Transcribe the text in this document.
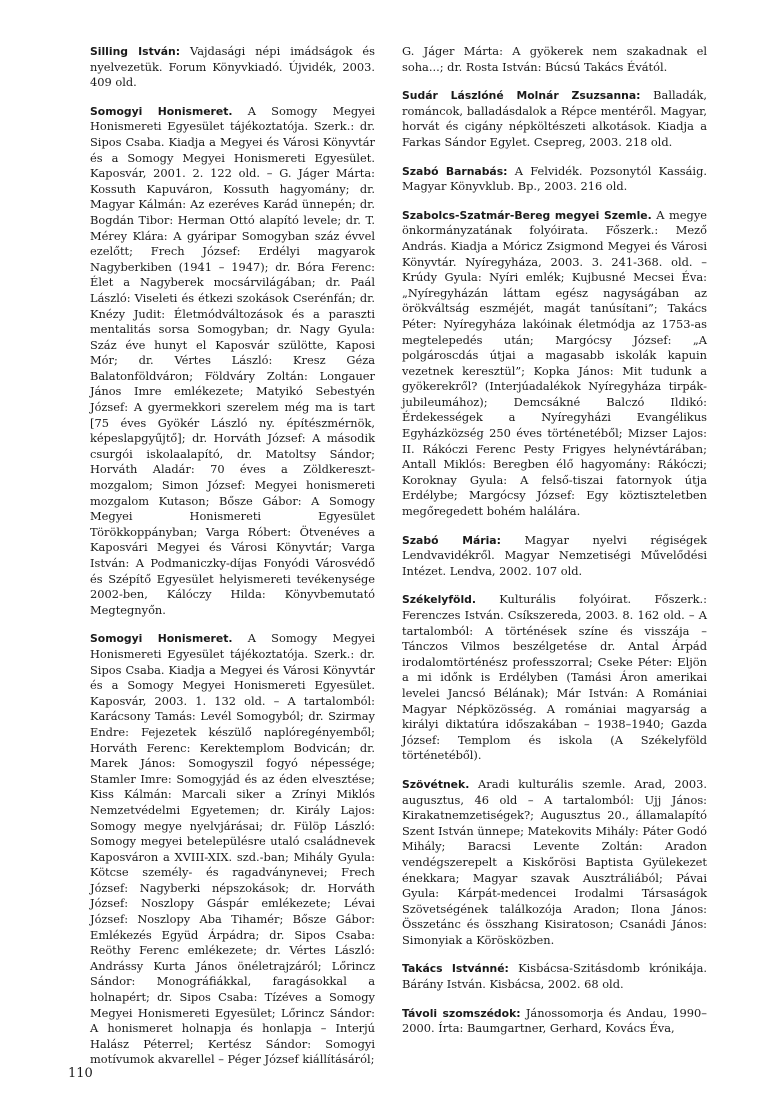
Silling István: Vajdasági népi imádságok és nyelvezetük. Forum Könyvkiadó. Újvidék, 2003. 409 old.

Somogyi Honismeret. A Somogy Megyei Honismereti Egyesület tájékoztatója. Szerk.: dr. Sipos Csaba. Kiadja a Megyei és Városi Könyvtár és a Somogy Megyei Honismereti Egyesület. Kaposvár, 2001. 2. 122 old. – G. Jáger Márta: Kossuth Kapuváron, Kossuth hagyomány; dr. Magyar Kálmán: Az ezeréves Karád ünnepén; dr. Bogdán Tibor: Herman Ottó alapító levele; dr. T. Mérey Klára: A gyáripar Somogyban száz évvel ezelőtt; Frech József: Erdélyi magyarok Nagyberkiben (1941 – 1947); dr. Bóra Ferenc: Élet a Nagyberek mocsárvilágában; dr. Paál László: Viseleti és étkezi szokások Cserénfán; dr. Knézy Judit: Életmódváltozások és a paraszti mentalitás sorsa Somogyban; dr. Nagy Gyula: Száz éve hunyt el Kaposvár szülötte, Kaposi Mór; dr. Vértes László: Kresz Géza Balatonföldváron; Földváry Zoltán: Longauer János Imre emlékezete; Matyikó Sebestyén József: A gyermekkori szerelem még ma is tart [75 éves Gyökér László ny. építészmérnök, képeslapgyűjtő]; dr. Horváth József: A második csurgói iskolaalapító, dr. Matoltsy Sándor; Horváth Aladár: 70 éves a Zöldkereszt-mozgalom; Simon József: Megyei honismereti mozgalom Kutason; Bősze Gábor: A Somogy Megyei Honismereti Egyesület Törökkoppányban; Varga Róbert: Ötvenéves a Kaposvári Megyei és Városi Könyvtár; Varga István: A Podmaniczky-díjas Fonyódi Városvédő és Szépítő Egyesület helyismereti tevékenysége 2002-ben, Kálóczy Hilda: Könyvbemutató Megtegnyőn.

Somogyi Honismeret. A Somogy Megyei Honismereti Egyesület tájékoztatója. Szerk.: dr. Sipos Csaba. Kiadja a Megyei és Városi Könyvtár és a Somogy Megyei Honismereti Egyesület. Kaposvár, 2003. 1. 132 old. – A tartalomból: Karácsony Tamás: Levél Somogyból; dr. Szirmay Endre: Fejezetek készülő naplóregényemből; Horváth Ferenc: Kerektemplom Bodvicán; dr. Marek János: Somogyszil fogyó népessége; Stamler Imre: Somogyjád és az éden elvesztése; Kiss Kálmán: Marcali siker a Zrínyi Miklós Nemzetvédelmi Egyetemen; dr. Király Lajos: Somogy megye nyelvjárásai; dr. Fülöp László: Somogy megyei betelepülésre utaló családnevek Kaposváron a XVIII-XIX. szd.-ban; Mihály Gyula: Kötcse személy- és ragadványnevei; Frech József: Nagyberki népszokások; dr. Horváth József: Noszlopy Gáspár emlékezete; Lévai József: Noszlopy Aba Tihamér; Bősze Gábor: Emlékezés Együd Árpádra; dr. Sipos Csaba: Reöthy Ferenc emlékezete; dr. Vértes László: Andrássy Kurta János önéletrajzáról; Lőrincz Sándor: Monográfiákkal, faragásokkal a holnapért; dr. Sipos Csaba: Tízéves a Somogy Megyei Honismereti Egyesület; Lőrincz Sándor: A honismeret holnapja és honlapja – Interjú Halász Péterrel; Kertész Sándor: Somogyi motívumok akvarellel – Péger József kiállításáról;

G. Jáger Márta: A gyökerek nem szakadnak el soha...; dr. Rosta István: Búcsú Takács Évától.

Sudár Lászlóné Molnár Zsuzsanna: Balladák, románcok, balladásdalok a Répce mentéről. Magyar, horvát és cigány népköltészeti alkotások. Kiadja a Farkas Sándor Egylet. Csepreg, 2003. 218 old.

Szabó Barnabás: A Felvidék. Pozsonytól Kassáig. Magyar Könyvklub. Bp., 2003. 216 old.

Szabolcs-Szatmár-Bereg megyei Szemle. A megye önkormányzatának folyóirata. Főszerk.: Mező András. Kiadja a Móricz Zsigmond Megyei és Városi Könyvtár. Nyíregyháza, 2003. 3. 241-368. old. – Krúdy Gyula: Nyíri emlék; Kujbusné Mecsei Éva: „Nyíregyházán láttam egész nagyságában az örökváltság eszméjét, magát tanúsítani”; Takács Péter: Nyíregyháza lakóinak életmódja az 1753-as megtelepedés után; Margócsy József: „A polgároscdás útjai a magasabb iskolák kapuin vezetnek keresztül”; Kopka János: Mit tudunk a gyökerekről? (Interjúadalékok Nyíregyháza tirpák-jubileumához); Demcsákné Balczó Ildikó: Érdekességek a Nyíregyházi Evangélikus Egyházközség 250 éves történetéből; Mizser Lajos: II. Rákóczi Ferenc Pesty Frigyes helynévtárában; Antall Miklós: Beregben élő hagyomány: Rákóczi; Koroknay Gyula: A felső-tiszai fatornyok útja Erdélybe; Margócsy József: Egy köztiszteletben megőregedett bohém halálára.

Szabó Mária: Magyar nyelvi régiségek Lendvavidékről. Magyar Nemzetiségi Művelődési Intézet. Lendva, 2002. 107 old.

Székelyföld. Kulturális folyóirat. Főszerk.: Ferenczes István. Csíkszereda, 2003. 8. 162 old. – A tartalomból: A történések színe és visszája – Tánczos Vilmos beszélgetése dr. Antal Árpád irodalomtörténész professzorral; Cseke Péter: Eljön a mi időnk is Erdélyben (Tamási Áron amerikai levelei Jancsó Bélának); Már István: A Romániai Magyar Népközösség. A romániai magyarság a királyi diktatúra időszakában – 1938–1940; Gazda József: Templom és iskola (A Székelyföld történetéből).

Szövétnek. Aradi kulturális szemle. Arad, 2003. augusztus, 46 old – A tartalomból: Ujj János: Kirakatnemzetiségek?; Augusztus 20., államalapító Szent István ünnepe; Matekovits Mihály: Páter Godó Mihály; Baracsi Levente Zoltán: Aradon vendégszerepelt a Kiskőrösi Baptista Gyülekezet énekkara; Magyar szavak Ausztráliából; Pávai Gyula: Kárpát-medencei Irodalmi Társaságok Szövetségének találkozója Aradon; Ilona János: Összetánc és összhang Kisiratoson; Csanádi János: Simonyiak a Körösközben.

Takács Istvánné: Kisbácsa-Szitásdomb krónikája. Bárány István. Kisbácsa, 2002. 68 old.

Távoli szomszédok: Jánossomorja és Andau, 1990–2000. Írta: Baumgartner, Gerhard, Kovács Éva,

110
